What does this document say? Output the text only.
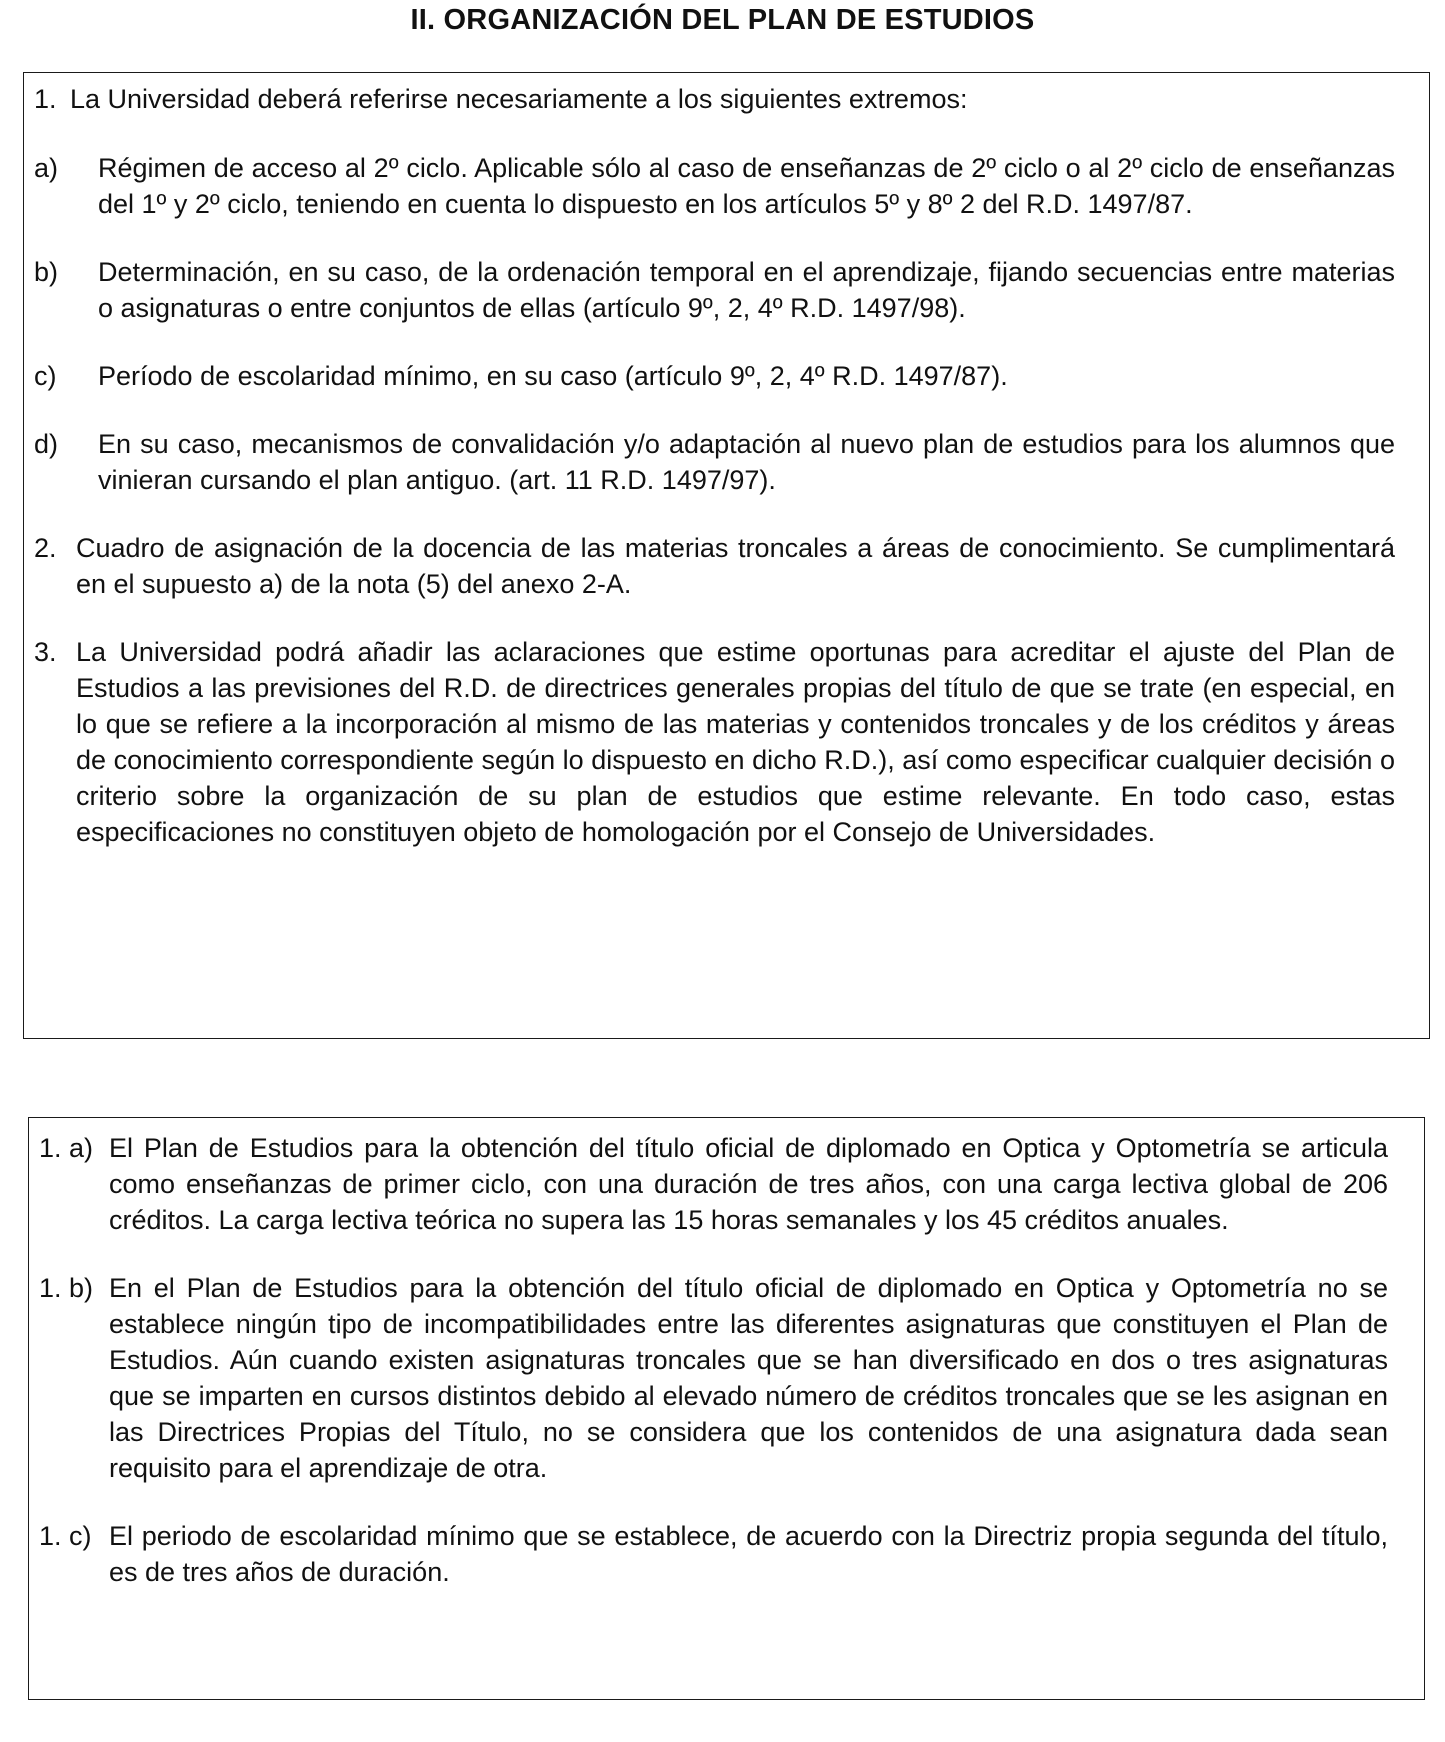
II. ORGANIZACIÓN DEL PLAN DE ESTUDIOS
1. La Universidad deberá referirse necesariamente a los siguientes extremos:
a)	Régimen de acceso al 2º ciclo. Aplicable sólo al caso de enseñanzas de 2º ciclo o al 2º ciclo de enseñanzas del 1º y 2º ciclo, teniendo en cuenta lo dispuesto en los artículos 5º y 8º 2 del R.D. 1497/87.
b)	Determinación, en su caso, de la ordenación temporal en el aprendizaje, fijando secuencias entre materias o asignaturas o entre conjuntos de ellas (artículo 9º, 2, 4º R.D. 1497/98).
c)	Período de escolaridad mínimo, en su caso (artículo 9º, 2, 4º R.D. 1497/87).
d)	En su caso, mecanismos de convalidación y/o adaptación al nuevo plan de estudios para los alumnos que vinieran cursando el plan antiguo. (art. 11 R.D. 1497/97).
2. Cuadro de asignación de la docencia de las materias troncales a áreas de conocimiento. Se cumplimentará en el supuesto a) de la nota (5) del anexo 2-A.
3. La Universidad podrá añadir las aclaraciones que estime oportunas para acreditar el ajuste del Plan de Estudios a las previsiones del R.D. de directrices generales propias del título de que se trate (en especial, en lo que se refiere a la incorporación al mismo de las materias y contenidos troncales y de los créditos y áreas de conocimiento correspondiente según lo dispuesto en dicho R.D.), así como especificar cualquier decisión o criterio sobre la organización de su plan de estudios que estime relevante. En todo caso, estas especificaciones no constituyen objeto de homologación por el Consejo de Universidades.
1. a) El Plan de Estudios para la obtención del título oficial de diplomado en Optica y Optometría se articula como enseñanzas de primer ciclo, con una duración de tres años, con una carga lectiva global de 206 créditos. La carga lectiva teórica no supera las 15 horas semanales y los 45 créditos anuales.
1. b) En el Plan de Estudios para la obtención del título oficial de diplomado en Optica y Optometría no se establece ningún tipo de incompatibilidades entre las diferentes asignaturas que constituyen el Plan de Estudios. Aún cuando existen asignaturas troncales que se han diversificado en dos o tres asignaturas que se imparten en cursos distintos debido al elevado número de créditos troncales que se les asignan en las Directrices Propias del Título, no se considera que los contenidos de una asignatura dada sean requisito para el aprendizaje de otra.
1. c) El periodo de escolaridad mínimo que se establece, de acuerdo con la Directriz propia segunda del título, es de tres años de duración.
